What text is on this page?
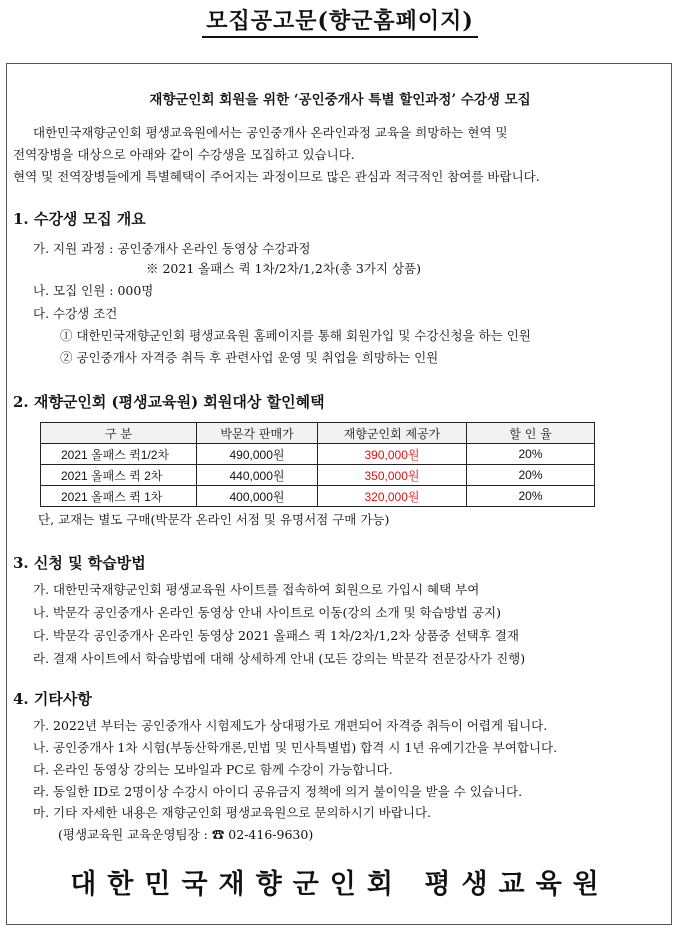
모집공고문(향군홈페이지)
재향군인회 회원을 위한 ‘공인중개사 특별 할인과정’ 수강생 모집
대한민국재향군인회 평생교육원에서는 공인중개사 온라인과정 교육을 희망하는 현역 및
전역장병을 대상으로 아래와 같이 수강생을 모집하고 있습니다.
현역 및 전역장병들에게 특별혜택이 주어지는 과정이므로 많은 관심과 적극적인 참여를 바랍니다.
1. 수강생 모집 개요
가. 지원 과정 : 공인중개사 온라인 동영상 수강과정
※ 2021 올패스 퀵 1차/2차/1,2차(총 3가지 상품)
나. 모집 인원 : 000명
다. 수강생 조건
① 대한민국재향군인회 평생교육원 홈페이지를 통해 회원가입 및 수강신청을 하는 인원
② 공인중개사 자격증 취득 후 관련사업 운영 및 취업을 희망하는 인원
2. 재향군인회 (평생교육원) 회원대상 할인혜택
구 분	박문각 판매가	재향군인회 제공가	할 인 율
2021 올패스 퀵1/2차	490,000원	390,000원	20%
2021 올패스 퀵 2차	440,000원	350,000원	20%
2021 올패스 퀵 1차	400,000원	320,000원	20%
단, 교재는 별도 구매(박문각 온라인 서점 및 유명서점 구매 가능)
3. 신청 및 학습방법
가. 대한민국재향군인회 평생교육원 사이트를 접속하여 회원으로 가입시 혜택 부여
나. 박문각 공인중개사 온라인 동영상 안내 사이트로 이동(강의 소개 및 학습방법 공지)
다. 박문각 공인중개사 온라인 동영상 2021 올패스 퀵 1차/2차/1,2차 상품중 선택후 결재
라. 결재 사이트에서 학습방법에 대해 상세하게 안내 (모든 강의는 박문각 전문강사가 진행)
4. 기타사항
가. 2022년 부터는 공인중개사 시험제도가 상대평가로 개편되어 자격증 취득이 어렵게 됩니다.
나. 공인중개사 1차 시험(부동산학개론,민법 및 민사특별법) 합격 시 1년 유예기간을 부여합니다.
다. 온라인 동영상 강의는 모바일과 PC로 함께 수강이 가능합니다.
라. 동일한 ID로 2명이상 수강시 아이디 공유금지 정책에 의거 불이익을 받을 수 있습니다.
마. 기타 자세한 내용은 재향군인회 평생교육원으로 문의하시기 바랍니다.
(평생교육원 교육운영팀장 : ☎ 02-416-9630)
대한민국재향군인회 평생교육원
